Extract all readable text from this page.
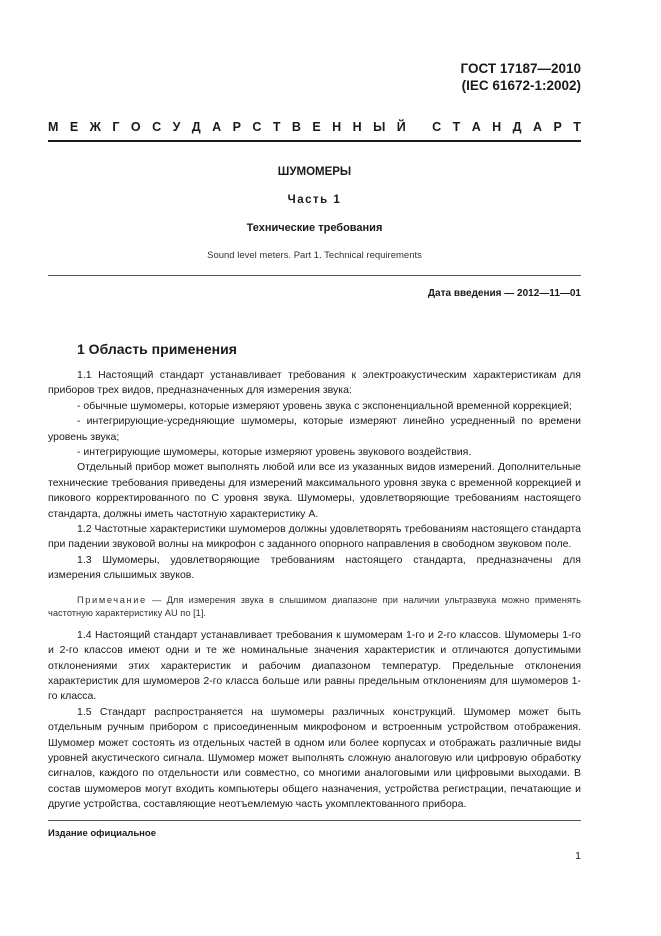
ГОСТ 17187—2010
(IEC 61672-1:2002)
М Е Ж Г О С У Д А Р С Т В Е Н Н Ы Й
С Т А Н Д А Р Т
ШУМОМЕРЫ
Часть 1
Технические требования
Sound level meters. Part 1. Technical requirements
Дата введения — 2012—11—01
1 Область применения

1.1 Настоящий стандарт устанавливает требования к электроакустическим характеристикам для приборов трех видов, предназначенных для измерения звука:

- обычные шумомеры, которые измеряют уровень звука с экспоненциальной временной коррекцией;

- интегрирующие-усредняющие шумомеры, которые измеряют линейно усредненный по времени уровень звука;

- интегрирующие шумомеры, которые измеряют уровень звукового воздействия.

Отдельный прибор может выполнять любой или все из указанных видов измерений. Дополнительные технические требования приведены для измерений максимального уровня звука с временной коррекцией и пикового корректированного по C уровня звука. Шумомеры, удовлетворяющие требованиям настоящего стандарта, должны иметь частотную характеристику A.

1.2 Частотные характеристики шумомеров должны удовлетворять требованиям настоящего стандарта при падении звуковой волны на микрофон с заданного опорного направления в свободном звуковом поле.

1.3 Шумомеры, удовлетворяющие требованиям настоящего стандарта, предназначены для измерения слышимых звуков.

Примечание — Для измерения звука в слышимом диапазоне при наличии ультразвука можно применять частотную характеристику AU по [1].

1.4 Настоящий стандарт устанавливает требования к шумомерам 1-го и 2-го классов. Шумомеры 1-го и 2-го классов имеют одни и те же номинальные значения характеристик и отличаются допустимыми отклонениями этих характеристик и рабочим диапазоном температур. Предельные отклонения характеристик для шумомеров 2-го класса больше или равны предельным отклонениям для шумомеров 1-го класса.

1.5 Стандарт распространяется на шумомеры различных конструкций. Шумомер может быть отдельным ручным прибором с присоединенным микрофоном и встроенным устройством отображения. Шумомер может состоять из отдельных частей в одном или более корпусах и отображать различные виды уровней акустического сигнала. Шумомер может выполнять сложную аналоговую или цифровую обработку сигналов, каждого по отдельности или совместно, со многими аналоговыми или цифровыми выходами. В состав шумомеров могут входить компьютеры общего назначения, устройства регистрации, печатающие и другие устройства, составляющие неотъемлемую часть укомплектованного прибора.

Издание официальное
1
